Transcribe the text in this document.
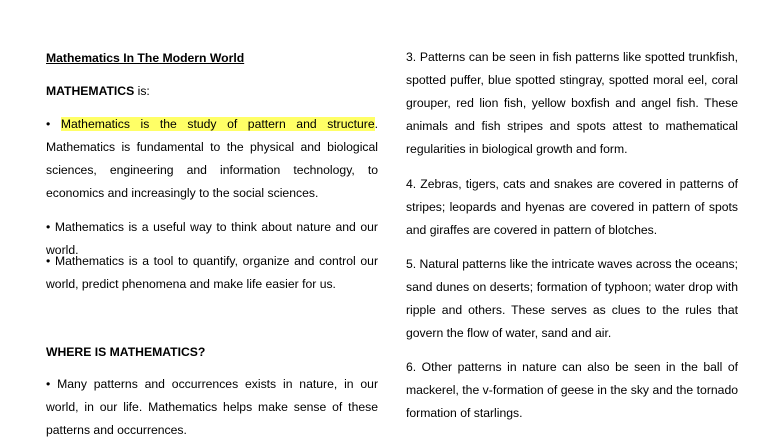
Mathematics In The Modern World
MATHEMATICS is:

• Mathematics is the study of pattern and structure. Mathematics is fundamental to the physical and biological sciences, engineering and information technology, to economics and increasingly to the social sciences.

• Mathematics is a useful way to think about nature and our world.

• Mathematics is a tool to quantify, organize and control our world, predict phenomena and make life easier for us.

WHERE IS MATHEMATICS?

• Many patterns and occurrences exists in nature, in our world, in our life. Mathematics helps make sense of these patterns and occurrences.

3. Patterns can be seen in fish patterns like spotted trunkfish, spotted puffer, blue spotted stingray, spotted moral eel, coral grouper, red lion fish, yellow boxfish and angel fish. These animals and fish stripes and spots attest to mathematical regularities in biological growth and form.

4. Zebras, tigers, cats and snakes are covered in patterns of stripes; leopards and hyenas are covered in pattern of spots and giraffes are covered in pattern of blotches.

5. Natural patterns like the intricate waves across the oceans; sand dunes on deserts; formation of typhoon; water drop with ripple and others. These serves as clues to the rules that govern the flow of water, sand and air.

6. Other patterns in nature can also be seen in the ball of mackerel, the v-formation of geese in the sky and the tornado formation of starlings.
